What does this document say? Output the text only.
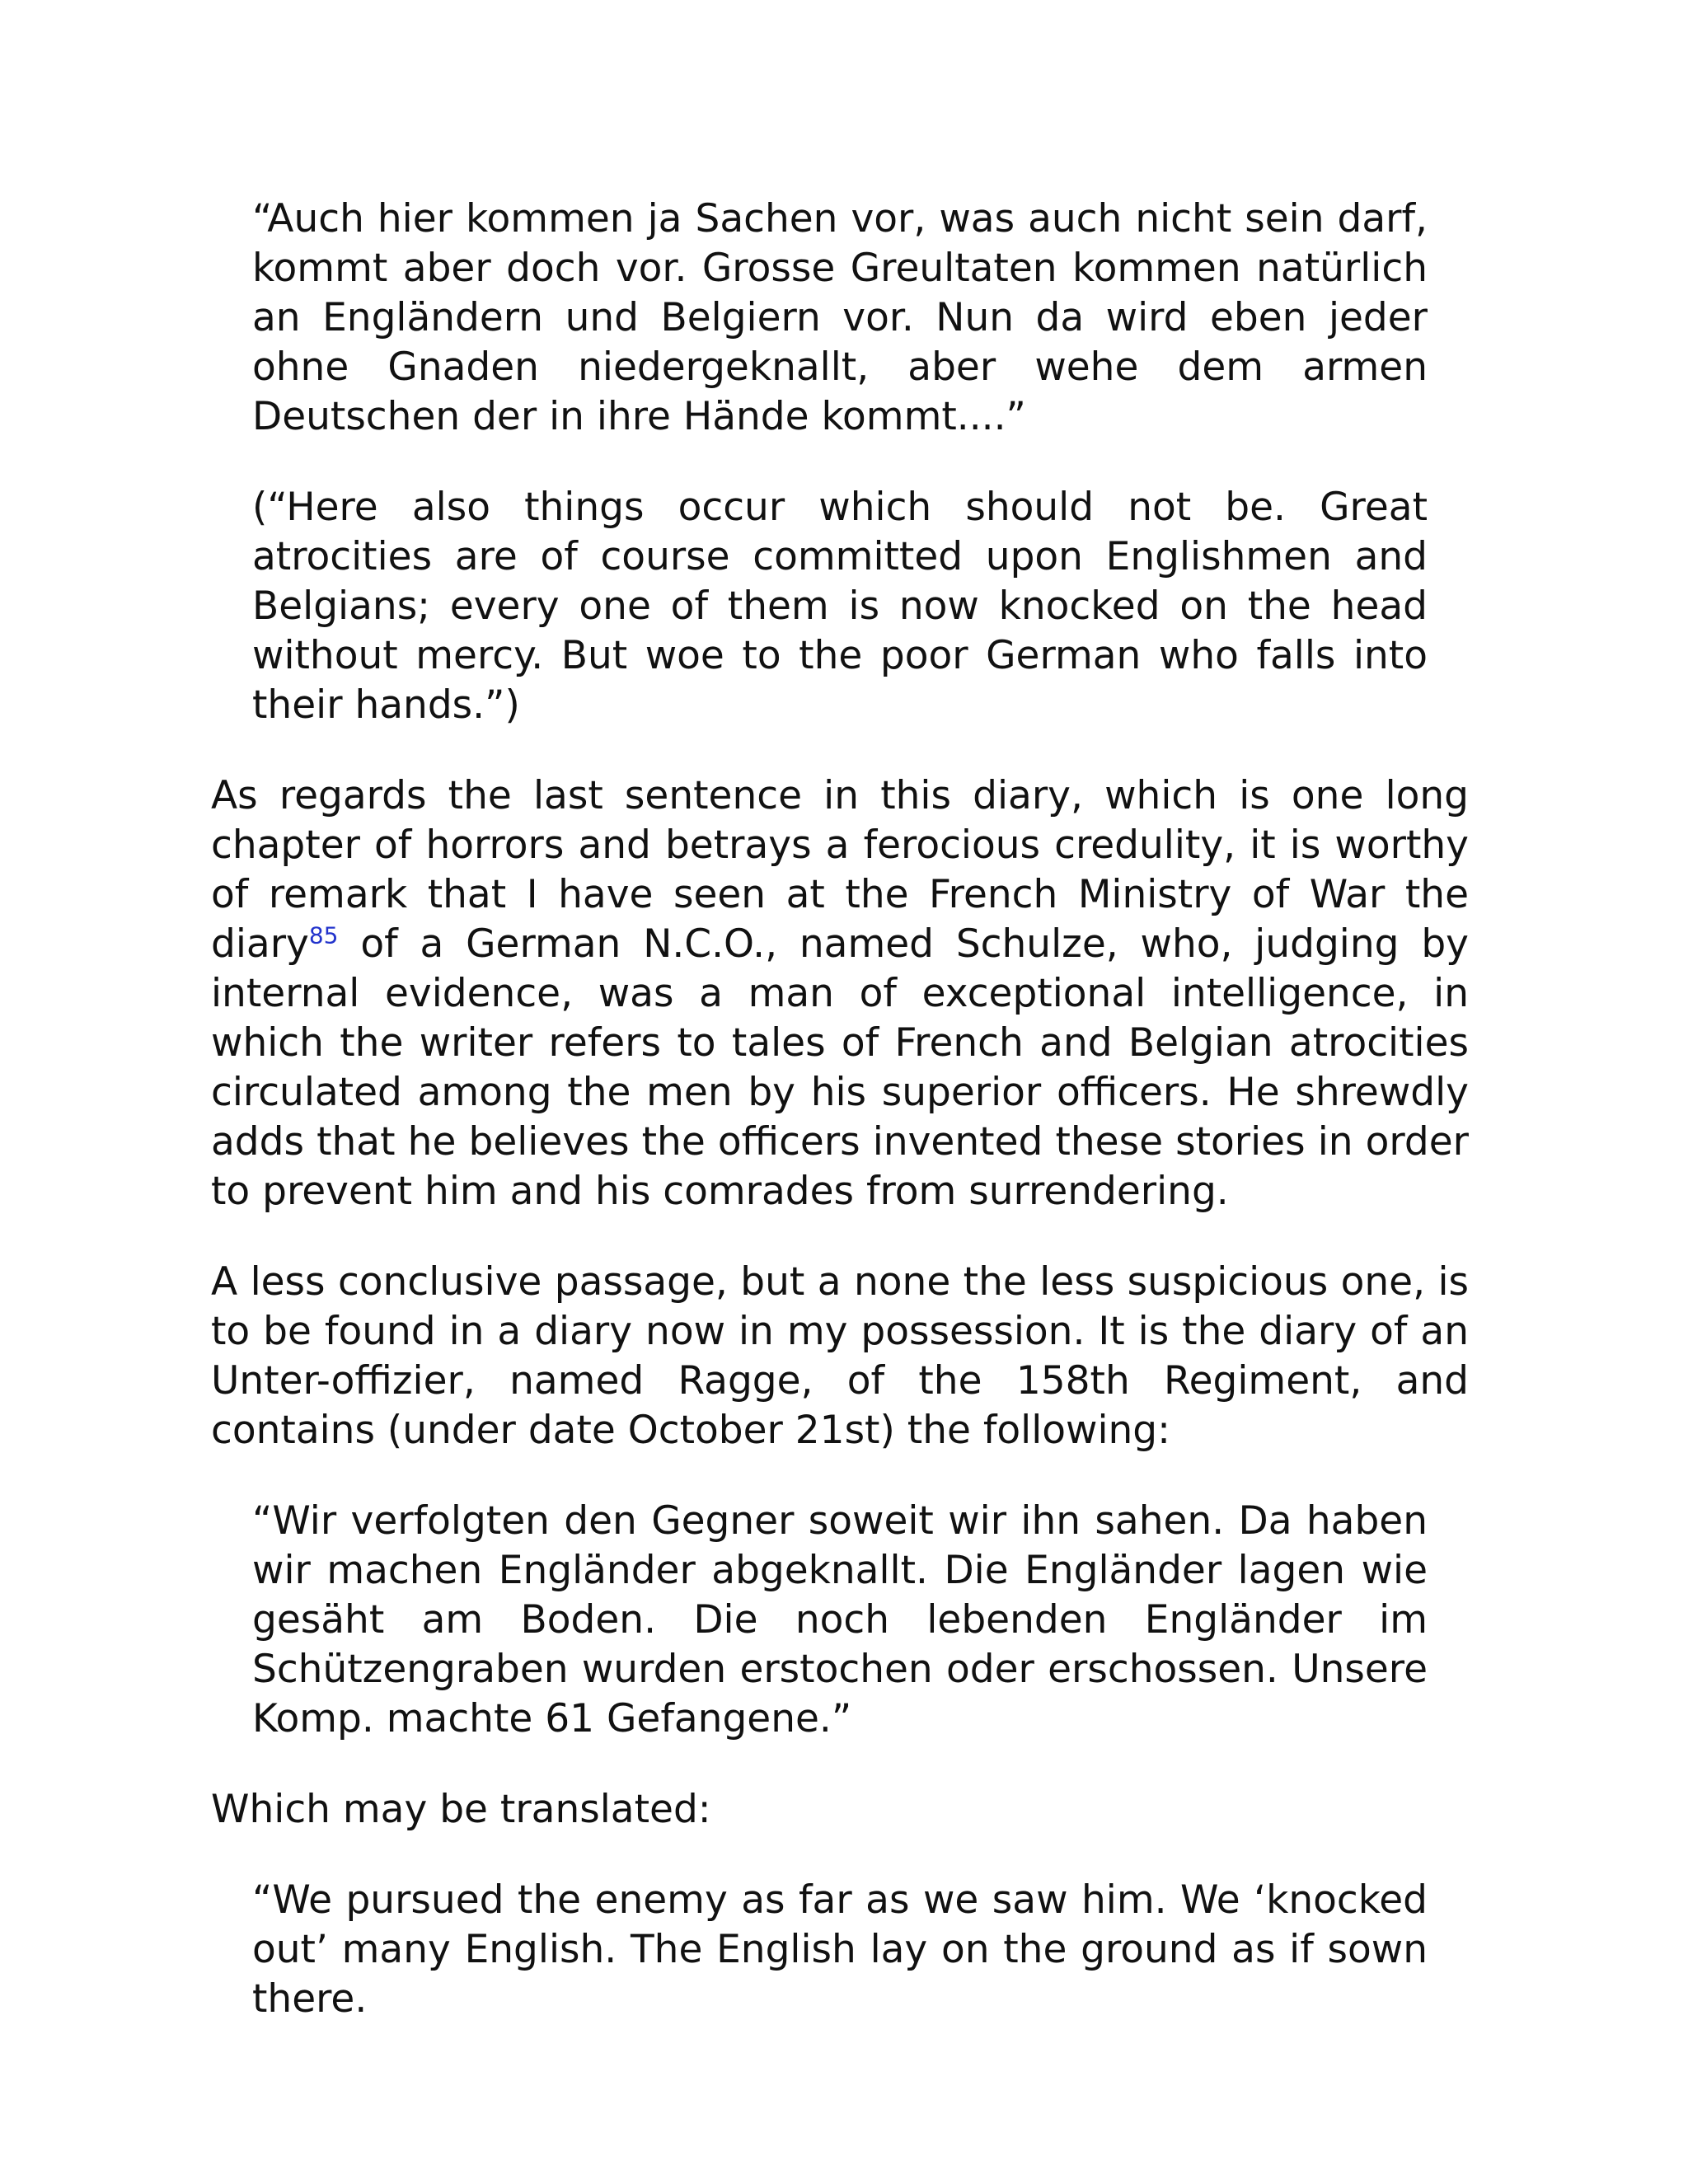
“Auch hier kommen ja Sachen vor, was auch nicht sein darf, kommt aber doch vor. Grosse Greultaten kommen natürlich an Engländern und Belgiern vor. Nun da wird eben jeder ohne Gnaden niedergeknallt, aber wehe dem armen Deutschen der in ihre Hände kommt....”

(“Here also things occur which should not be. Great atrocities are of course committed upon Englishmen and Belgians; every one of them is now knocked on the head without mercy. But woe to the poor German who falls into their hands.”)

As regards the last sentence in this diary, which is one long chapter of horrors and betrays a ferocious credulity, it is worthy of remark that I have seen at the French Ministry of War the diary$^{85}$ of a German N.C.O., named Schulze, who, judging by internal evidence, was a man of exceptional intelligence, in which the writer refers to tales of French and Belgian atrocities circulated among the men by his superior officers. He shrewdly adds that he believes the officers invented these stories in order to prevent him and his comrades from surrendering.

A less conclusive passage, but a none the less suspicious one, is to be found in a diary now in my possession. It is the diary of an Unter-offizier, named Ragge, of the 158th Regiment, and contains (under date October 21st) the following:

“Wir verfolgten den Gegner soweit wir ihn sahen. Da haben wir machen Engländer abgeknallt. Die Engländer lagen wie gesäht am Boden. Die noch lebenden Engländer im Schützengraben wurden erstochen oder erschossen. Unsere Komp. machte 61 Gefangene.”

Which may be translated:

“We pursued the enemy as far as we saw him. We ‘knocked out’ many English. The English lay on the ground as if sown there.
